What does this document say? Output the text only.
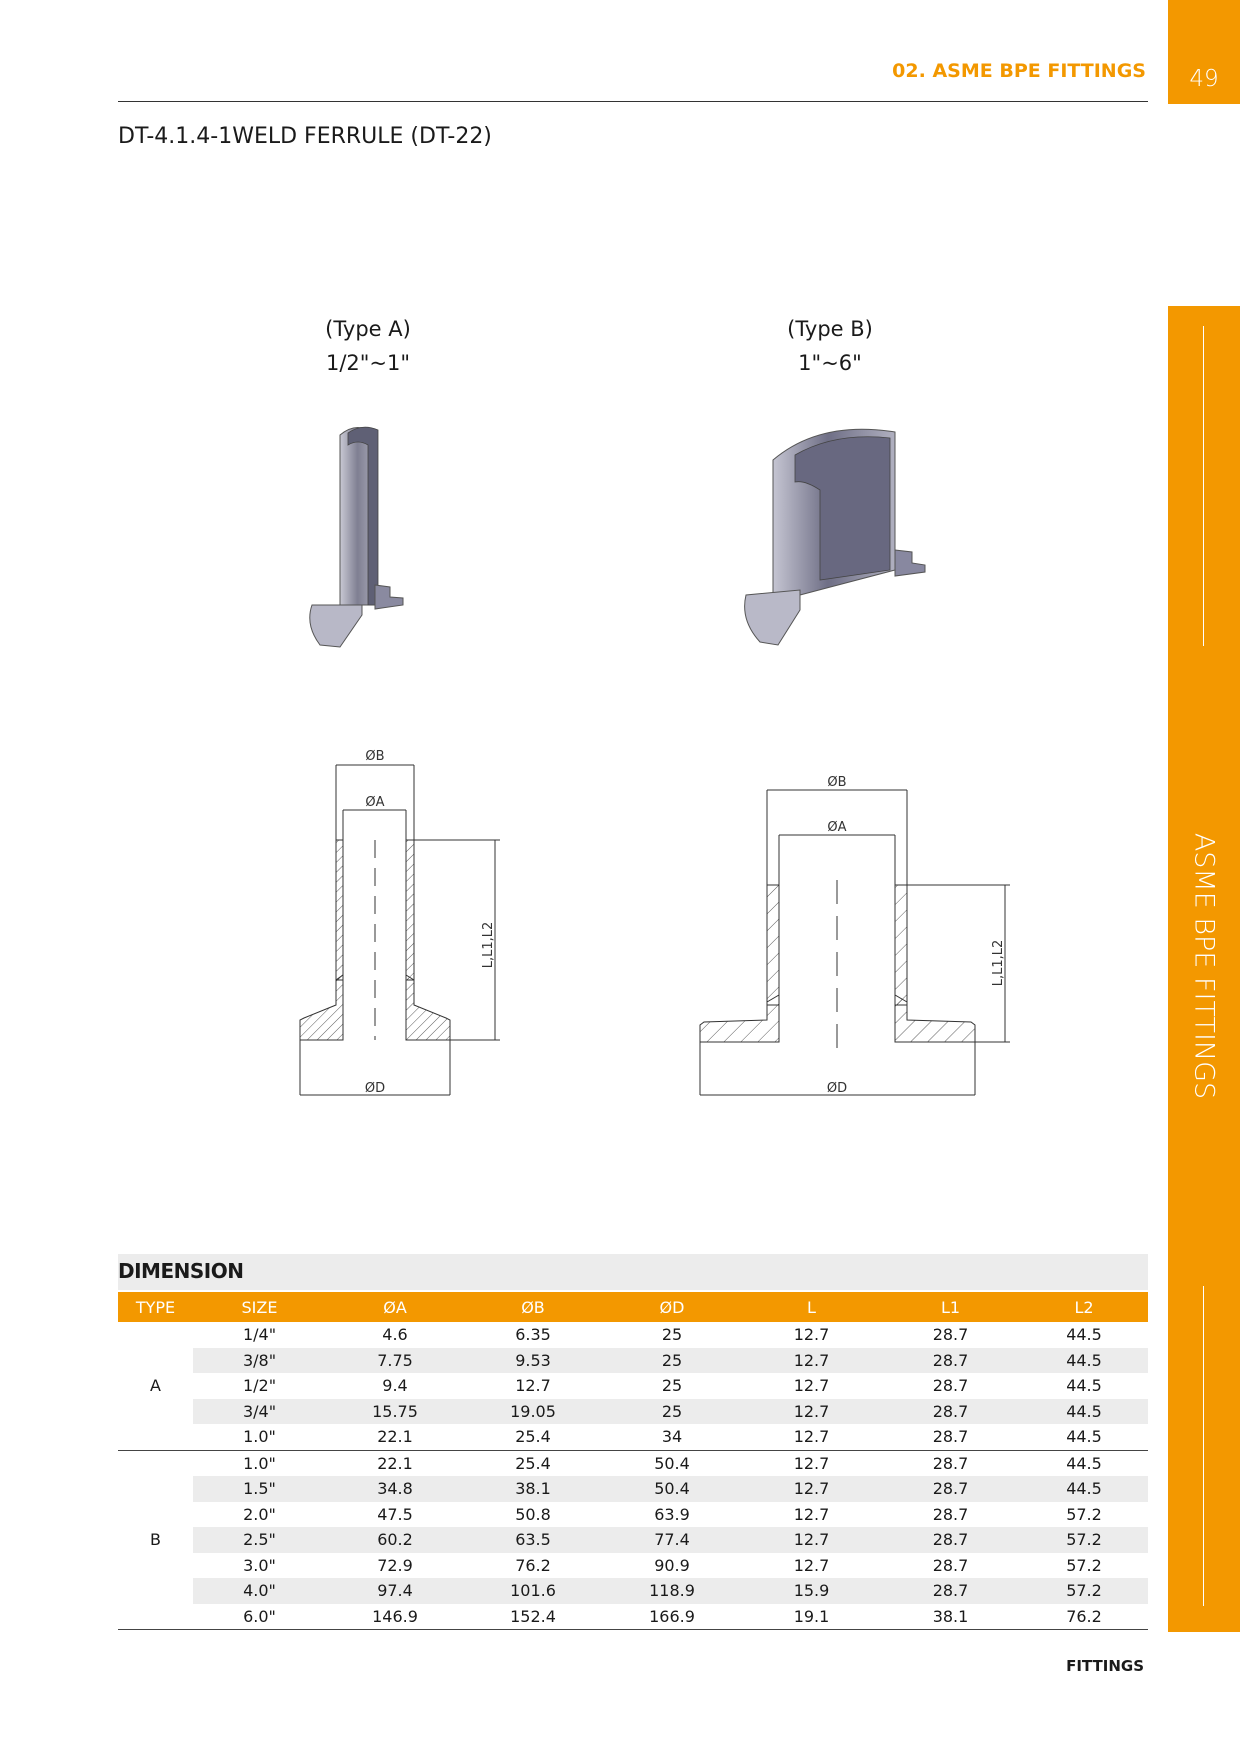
49
ASME BPE FITTINGS
02. ASME BPE FITTINGS
DT-4.1.4-1WELD FERRULE (DT-22)
(Type A)
1/2"~1"
(Type B)
1"~6"
ØB
ØA
L,L1,L2
ØD
ØB
ØA
L,L1,L2
ØD
DIMENSION
TYPE	SIZE	ØA	ØB	ØD	L	L1	L2
A	1/4"	4.6	6.35	25	12.7	28.7	44.5
	3/8"	7.75	9.53	25	12.7	28.7	44.5
	1/2"	9.4	12.7	25	12.7	28.7	44.5
	3/4"	15.75	19.05	25	12.7	28.7	44.5
	1.0"	22.1	25.4	34	12.7	28.7	44.5
B	1.0"	22.1	25.4	50.4	12.7	28.7	44.5
	1.5"	34.8	38.1	50.4	12.7	28.7	44.5
	2.0"	47.5	50.8	63.9	12.7	28.7	57.2
	2.5"	60.2	63.5	77.4	12.7	28.7	57.2
	3.0"	72.9	76.2	90.9	12.7	28.7	57.2
	4.0"	97.4	101.6	118.9	15.9	28.7	57.2
	6.0"	146.9	152.4	166.9	19.1	38.1	76.2
FITTINGS
